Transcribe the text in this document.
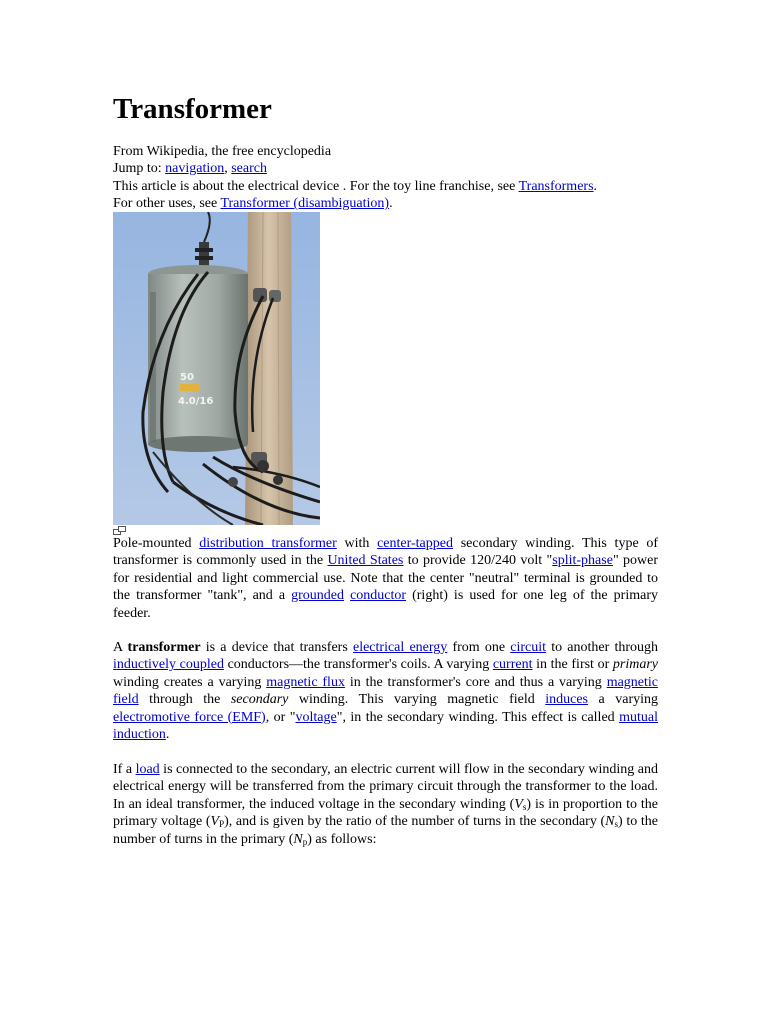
Transformer
From Wikipedia, the free encyclopedia
Jump to: navigation, search
This article is about the electrical device . For the toy line franchise, see Transformers.
For other uses, see Transformer (disambiguation).
50
4.0/16
Pole-mounted distribution transformer with center-tapped secondary winding. This type of transformer is commonly used in the United States to provide 120/240 volt "split-phase" power for residential and light commercial use. Note that the center "neutral" terminal is grounded to the transformer "tank", and a grounded conductor (right) is used for one leg of the primary feeder.
A transformer is a device that transfers electrical energy from one circuit to another through inductively coupled conductors—the transformer's coils. A varying current in the first or primary winding creates a varying magnetic flux in the transformer's core and thus a varying magnetic field through the secondary winding. This varying magnetic field induces a varying electromotive force (EMF), or "voltage", in the secondary winding. This effect is called mutual induction.
If a load is connected to the secondary, an electric current will flow in the secondary winding and electrical energy will be transferred from the primary circuit through the transformer to the load. In an ideal transformer, the induced voltage in the secondary winding $(V_s)$ is in proportion to the primary voltage $(V_P)$, and is given by the ratio of the number of turns in the secondary $(N_s)$ to the number of turns in the primary $(N_p)$ as follows:
